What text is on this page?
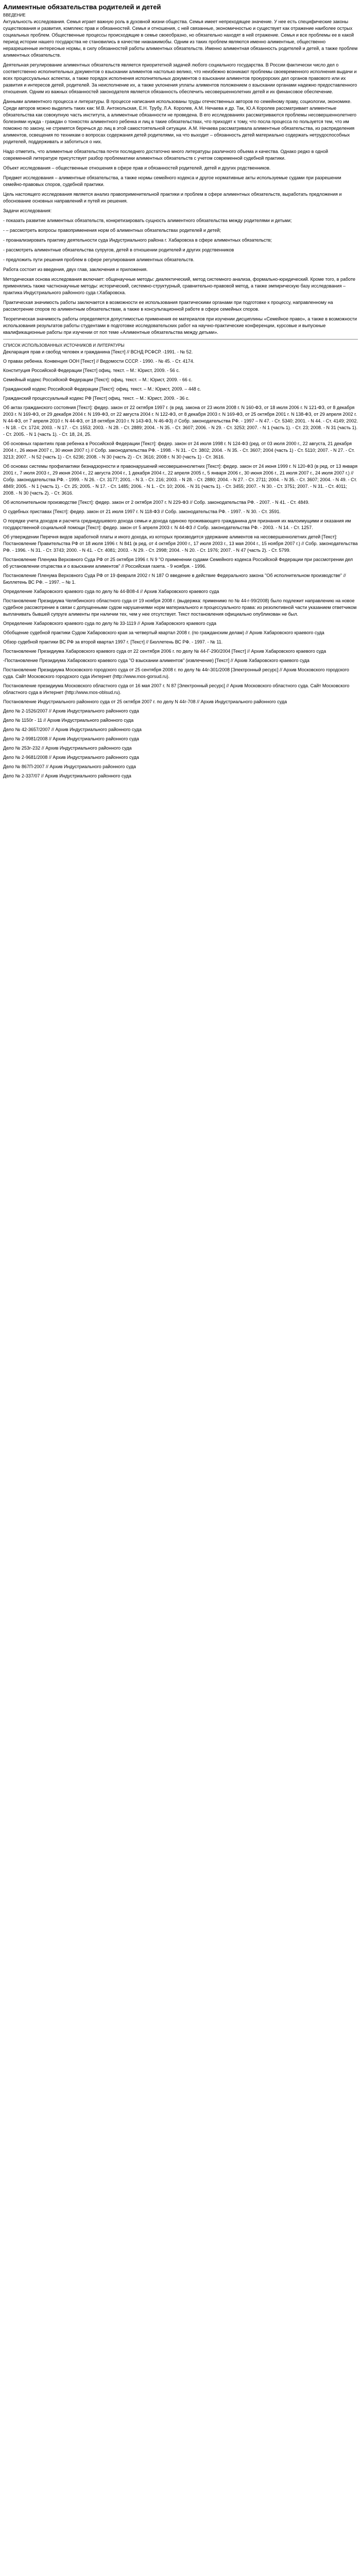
Алиментные обязательства родителей и детей
ВВЕДЕНИЕ
Актуальность исследования. Семья играет важную роль в духовной жизни общества. Семья имеет непреходящее значение. У нее есть специфические законы существования и развития, комплекс прав и обязанностей. Семья и отношения, с ней связанные, экономичностью и существует как отражение наиболее острых социальных проблем. Общественные процессы происходящие в семье своеобразно, но обязательно находят в ней отражение. Семья и все проблемы ее в какой период истории нашего государства не становились в качестве ниакажимобы. Одним из таких проблем являются именно алиментные, общественно неразрешенные интересные нормы, в силу обязанностей работы алиментных обязательств. Именно алиментная обязанность родителей и детей, а также проблем алиментных обязательств.
Деятельная регулирование алиментных обязательств является приоритетной задачей любого социального государства. В России фактически число дел о соответственно исполнительных документов о взыскании алиментов настолько велико, что неизбежно возникают проблемы своевременного исполнения выдачи и всех процессуальных аспектах, а также порядок исполнения исполнительных документов о взыскании алиментов прокурорских дел органов правового или их развития и интересов детей, родителей. За неисполнение их, а также уклонения уплаты алиментов положением о взыскании органами надежно предоставленного отношения. Одним из важных обязанностей законодателя является обязанность обеспечить несовершеннолетних детей и их финансовое обеспечение.
Данными алиментного процесса и литературы. В процессе написания использованы труды отечественных авторов по семейному праву, социологии, экономике. Среди авторов можно выделить таких как: М.В. Антокольская, Е.Н. Трубу, Л.А. Королев, А.М. Нечаева и др. Так, Ю.А Королев рассматривает алиментные обязательства как совокупную часть института, а алиментные обязанности не проведена. В его исследованиях рассматриваются проблемы несовершеннолетнего болезнями нужда - граждан о тонкостях алиментного ребенка и лиц в такие обязательствах, что приходят к тому, что посла процесса по пользуется тем, что им поможно по закону, не стремятся беречься до лиц в этой самостоятельной ситуации. А.М. Нечаева рассматривала алиментные обязательства, из распределения алиментов, освещения по техникам о вопросах содержания детей родителями, на что выходит – обязанность детей материально содержать нетрудоспособных родителей, поддерживать и заботиться о них.
Надо отметить, что алиментные обязательства почти последнего достаточно много литературы различного объема и качества. Однако редко в одной современной литературе присутствует разбор проблематики алиментных обязательств с учетом современной судебной практики.
Объект исследования – общественные отношения в сфере прав и обязанностей родителей, детей и других родственников.
Предмет исследования – алиментные обязательства, а также нормы семейного кодекса и другое нормативные акты используемые судами при разрешении семейно-правовых споров, судебной практики.
Цель настоящего исследования является анализ правоприменительной практики и проблем в сфере алиментных обязательств, выработать предложения и обоснование основных направлений и путей их решения.
Задачи исследования:
- показать развитие алиментных обязательств, конкретизировать сущность алиментного обязательства между родителями и детьми;
- – рассмотреть вопросы правоприменения норм об алиментных обязательствах родителей и детей;
- проанализировать практику деятельности суда Индустриального района г. Хабаровска в сфере алиментных обязательств;
- рассмотреть алиментные обязательства супругов, детей в отношении родителей и других родственников
- предложить пути решения проблем в сфере регулирования алиментных обязательств.
Работа состоит из введения, двух глав, заключения и приложения.
Методическая основа исследования включает: общенаучные методы: диалектический, метод системного анализа, формально-юридический. Кроме того, в работе применялись также частнонаучные методы: исторический, системно-структурный, сравнительно-правовой метод, а также эмпирическую базу исследования – практика Индустриального районного суда г.Хабаровска.
Практическая значимость работы заключается в возможности ее использования практическими органами при подготовке к процессу, направленному на рассмотрение споров по алиментным обязательствам, а также в консультационной работе в сфере семейных споров.
Теоретическая значимость работы определяется допустимостью применения ее материалов при изучении дисциплины «Семейное право», а также в возможности использования результатов работы студентами в подготовке исследовательских работ на научно-практические конференции, курсовые и выпускные квалификационные работы при изучении от поп теме «Алиментные обязательства между детьми».
СПИСОК ИСПОЛЬЗОВАННЫХ ИСТОЧНИКОВ И ЛИТЕРАТУРЫ
Декларация прав и свобод человек и гражданина [Текст] // ВСНД РСФСР. -1991. - № 52.
О правах ребенка. Конвенция ООН [Текст] // Ведомости СССР. - 1990. - № 45. - Ст. 4174.
Конституция Российской Федерации [Текст] офиц. текст. – М.: Юрист, 2009. - 56 с.
Семейный кодекс Российской Федерации [Текст]: офиц. текст. – М.: Юрист, 2009. - 66 с.
Гражданский кодекс Российской Федерации [Текст]: офиц. текст. – М.: Юрист, 2009. – 448 с.
Гражданский процессуальный кодекс РФ [Текст] офиц. текст. – М.: Юрист, 2009. - 36 с.
Об актах гражданского состояния [Текст]: федер. закон от 22 октября 1997 г. (в ред. закона от 23 июля 2008 г. N 160-ФЗ, от 18 июля 2006 г. N 121-ФЗ, от 8 декабря 2003 г. N 169-ФЗ, от 29 декабря 2004 г. N 199-ФЗ, от 22 августа 2004 г. N 122-ФЗ, от 8 декабря 2003 г. N 169-ФЗ, от 25 октября 2001 г. N 138-ФЗ, от 29 апреля 2002 г. N 44-ФЗ, от 7 апреля 2010 г. N 44-ФЗ, от 18 октября 2010 г. N 143-ФЗ, N 46-ФЗ) // Собр. законодательства РФ. - 1997 – N 47. - Ст. 5340; 2001. - N 44. - Ст. 4149; 2002. - N 18. - Ст. 1724; 2003. - N 17. - Ст. 1553; 2003. - N 28. - Ст. 2889; 2004. - N 35. - Ст. 3607; 2006. - N 29. - Ст. 3253; 2007. - N 1 (часть 1). - Ст. 23; 2008. - N 31 (часть 1). - Ст. 2005. - N 1 (часть 1). - Ст. 18, 24, 25.
Об основных гарантиях прав ребенка в Российской Федерации [Текст]: федер. закон от 24 июля 1998 г. N 124-ФЗ (ред. от 03 июля 2000 г., 22 августа, 21 декабря 2004 г., 26 июня 2007 г., 30 июня 2007 г.) // Собр. законодательства РФ. - 1998. - N 31. - Ст. 3802; 2004. - N 35. - Ст. 3607; 2004 (часть 1) - Ст. 5110; 2007. - N 27. - Ст. 3213; 2007. - N 52 (часть 1) - Ст. 6236; 2008. - N 30 (часть 2) - Ст. 3616; 2008 г. N 30 (часть 1) - Ст. 3616.
Об основах системы профилактики безнадзорности и правонарушений несовершеннолетних [Текст]: федер. закон от 24 июня 1999 г. N 120-ФЗ (в ред. от 13 января 2001 г., 7 июля 2003 г., 29 июня 2004 г., 22 августа 2004 г., 1 декабря 2004 г., 22 апреля 2005 г., 5 января 2006 г., 30 июня 2006 г., 21 июля 2007 г., 24 июля 2007 г.) // Собр. законодательства РФ. - 1999. - N 26. - Ст. 3177; 2001. - N 3. - Ст. 216; 2003. - N 28. - Ст. 2880; 2004. - N 27. - Ст. 2711; 2004. - N 35. - Ст. 3607; 2004. - N 49. - Ст. 4849; 2005. - N 1 (часть 1). - Ст. 25; 2005. - N 17. - Ст. 1485; 2006. - N 1. - Ст. 10; 2006. - N 31 (часть 1). - Ст. 3455; 2007. - N 30. - Ст. 3751; 2007. - N 31. - Ст. 4011; 2008. - N 30 (часть 2). - Ст. 3616.
Об исполнительном производстве [Текст]: федер. закон от 2 октября 2007 г. N 229-ФЗ // Собр. законодательства РФ. - 2007. - N 41. - Ст. 4849.
О судебных приставах [Текст]: федер. закон от 21 июля 1997 г. N 118-ФЗ // Собр. законодательства РФ. - 1997. - N 30. - Ст. 3591.
О порядке учета доходов и расчета среднедушевого дохода семьи и дохода одиноко проживающего гражданина для признания их малоимущими и оказания им государственной социальной помощи [Текст]: федер. закон от 5 апреля 2003 г. N 44-ФЗ // Собр. законодательства РФ. - 2003. - N 14. - Ст. 1257.
Об утверждении Перечня видов заработной платы и иного дохода, из которых производится удержание алиментов на несовершеннолетних детей [Текст]: Постановление Правительства РФ от 18 июля 1996 г. N 841 (в ред. от 4 октября 2000 г., 17 июля 2003 г., 13 мая 2004 г., 15 ноября 2007 г.) // Собр. законодательства РФ. - 1996. - N 31. - Ст. 3743; 2000. - N 41. - Ст. 4081; 2003. - N 29. - Ст. 2998; 2004. - N 20. - Ст. 1976; 2007. - N 47 (часть 2). - Ст. 5799.
Постановление Пленума Верховного Суда РФ от 25 октября 1996 г. N 9 "О применении судами Семейного кодекса Российской Федерации при рассмотрении дел об установлении отцовства и о взыскании алиментов" // Российская газета. - 9 ноября. - 1996.
Постановление Пленума Верховного Суда РФ от 19 февраля 2002 г N 187 О введение в действие Федерального закона "Об исполнительном производстве" // Бюллетень ВС РФ. – 1997. – № 1.
Определение Хабаровского краевого суда по делу № 44-В08-4 // Архив Хабаровского краевого суда
Постановление Президиума Челябинского областного суда от 19 ноября 2008 г. (выдержка: применимо по № 44-г-99/2008) было подлежит направлению на новое судебное рассмотрение в связи с допущенными судом нарушениями норм материального и процессуального права: из резолютивной части указанием ответчиком выплачивать бывшей супруге алименты при наличии тех, чем у нее отсутствует. Текст постановления официально опубликован не был.
Определение Хабаровского краевого суда по делу № 33-1119 // Архив Хабаровского краевого суда
Обобщение судебной практики Судом Хабаровского края за четвертый квартал 2008 г. (по гражданским делам) // Архив Хабаровского краевого суда
Обзор судебной практики ВС РФ за второй квартал 1997 г. [Текст] // Бюллетень ВС РФ. - 1997. - № 11.
Постановление Президиума Хабаровского краевого суда от 22 сентября 2006 г. по делу № 44-Г-290/2004 [Текст] // Архив Хабаровского краевого суда
-Постановление Президиума Хабаровского краевого суда "О взыскании алиментов" (извлечение) [Текст] // Архив Хабаровского краевого суда
Постановление Президиума Московского городского суда от 25 сентября 2008 г. по делу № 44г-301/2008 [Электронный ресурс] // Архив Московского городского суда. Сайт Московского городского суда Интернет (http://www.mos-gorsud.ru).
Постановление президиума Московского областного суда от 16 мая 2007 г. N 87 [Электронный ресурс] // Архив Московского областного суда. Сайт Московского областного суда в Интернет (http://www.mos-oblsud.ru).
Постановление Индустриального районного суда от 25 октября 2007 г. по делу N 44г-708 // Архив Индустриального районного суда
Дело № 2-1526/2007 // Архив Индустриального районного суда
Дело № 1150г - 11 // Архив Индустриального районного суда
Дело № 42-3657/2007 // Архив Индустриального районного суда
Дело № 2-9981/2008 // Архив Индустриального районного суда
Дело № 253г-232 // Архив Индустриального районного суда
Дело № 2-9681/2008 // Архив Индустриального районного суда
Дело № 867П-2007 // Архив Индустриального районного суда
Дело № 2-337/07 // Архив Индустриального районного суда
